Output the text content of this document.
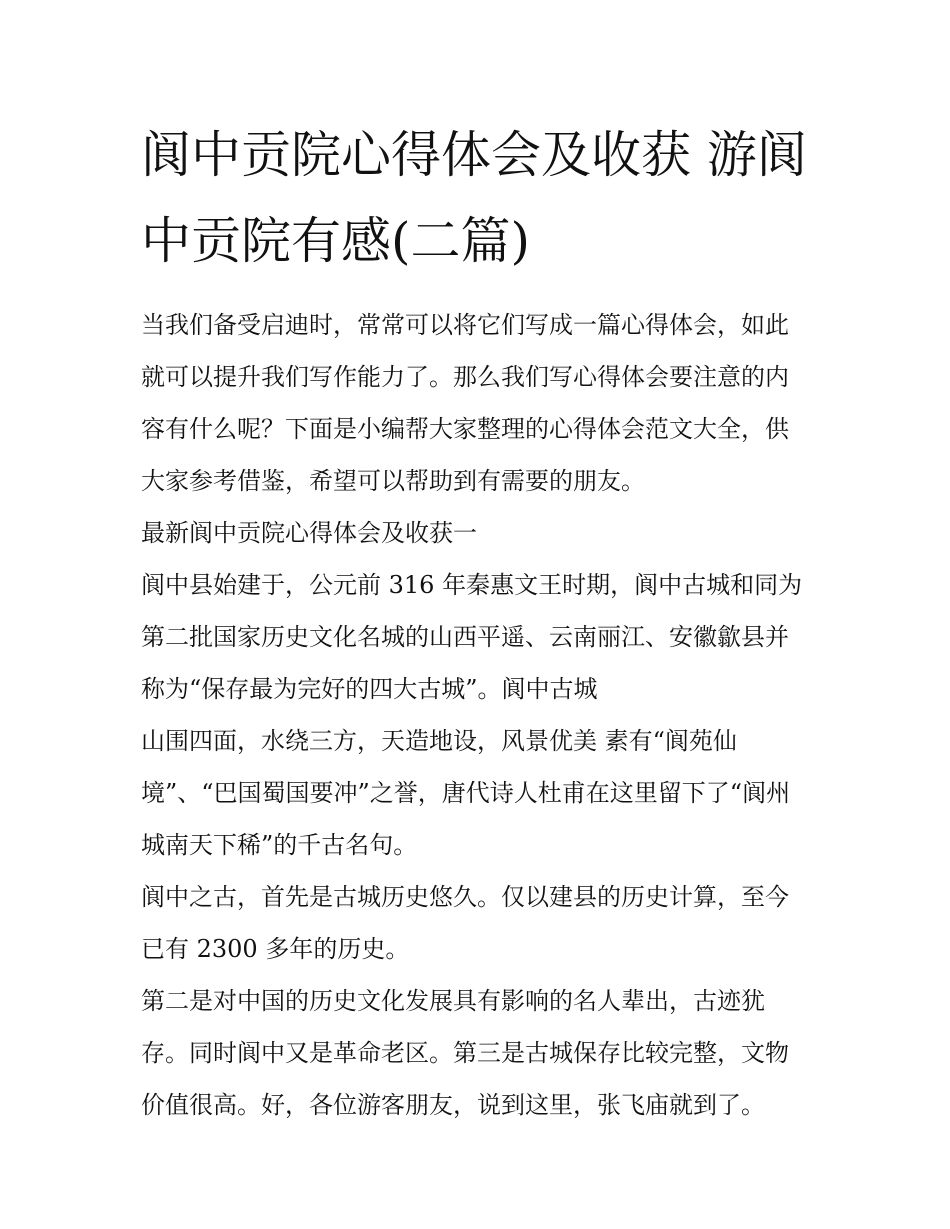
阆中贡院心得体会及收获 游阆
中贡院有感(二篇)

当我们备受启迪时，常常可以将它们写成一篇心得体会，如此
就可以提升我们写作能力了。那么我们写心得体会要注意的内
容有什么呢？下面是小编帮大家整理的心得体会范文大全，供
大家参考借鉴，希望可以帮助到有需要的朋友。

最新阆中贡院心得体会及收获一

阆中县始建于，公元前 316 年秦惠文王时期，阆中古城和同为
第二批国家历史文化名城的山西平遥、云南丽江、安徽歙县并
称为“保存最为完好的四大古城”。阆中古城

山围四面，水绕三方，天造地设，风景优美 素有“阆苑仙
境”、“巴国蜀国要冲”之誉，唐代诗人杜甫在这里留下了“阆州
城南天下稀”的千古名句。

阆中之古，首先是古城历史悠久。仅以建县的历史计算，至今
已有 2300 多年的历史。

第二是对中国的历史文化发展具有影响的名人辈出，古迹犹
存。同时阆中又是革命老区。第三是古城保存比较完整，文物
价值很高。好，各位游客朋友，说到这里，张飞庙就到了。
